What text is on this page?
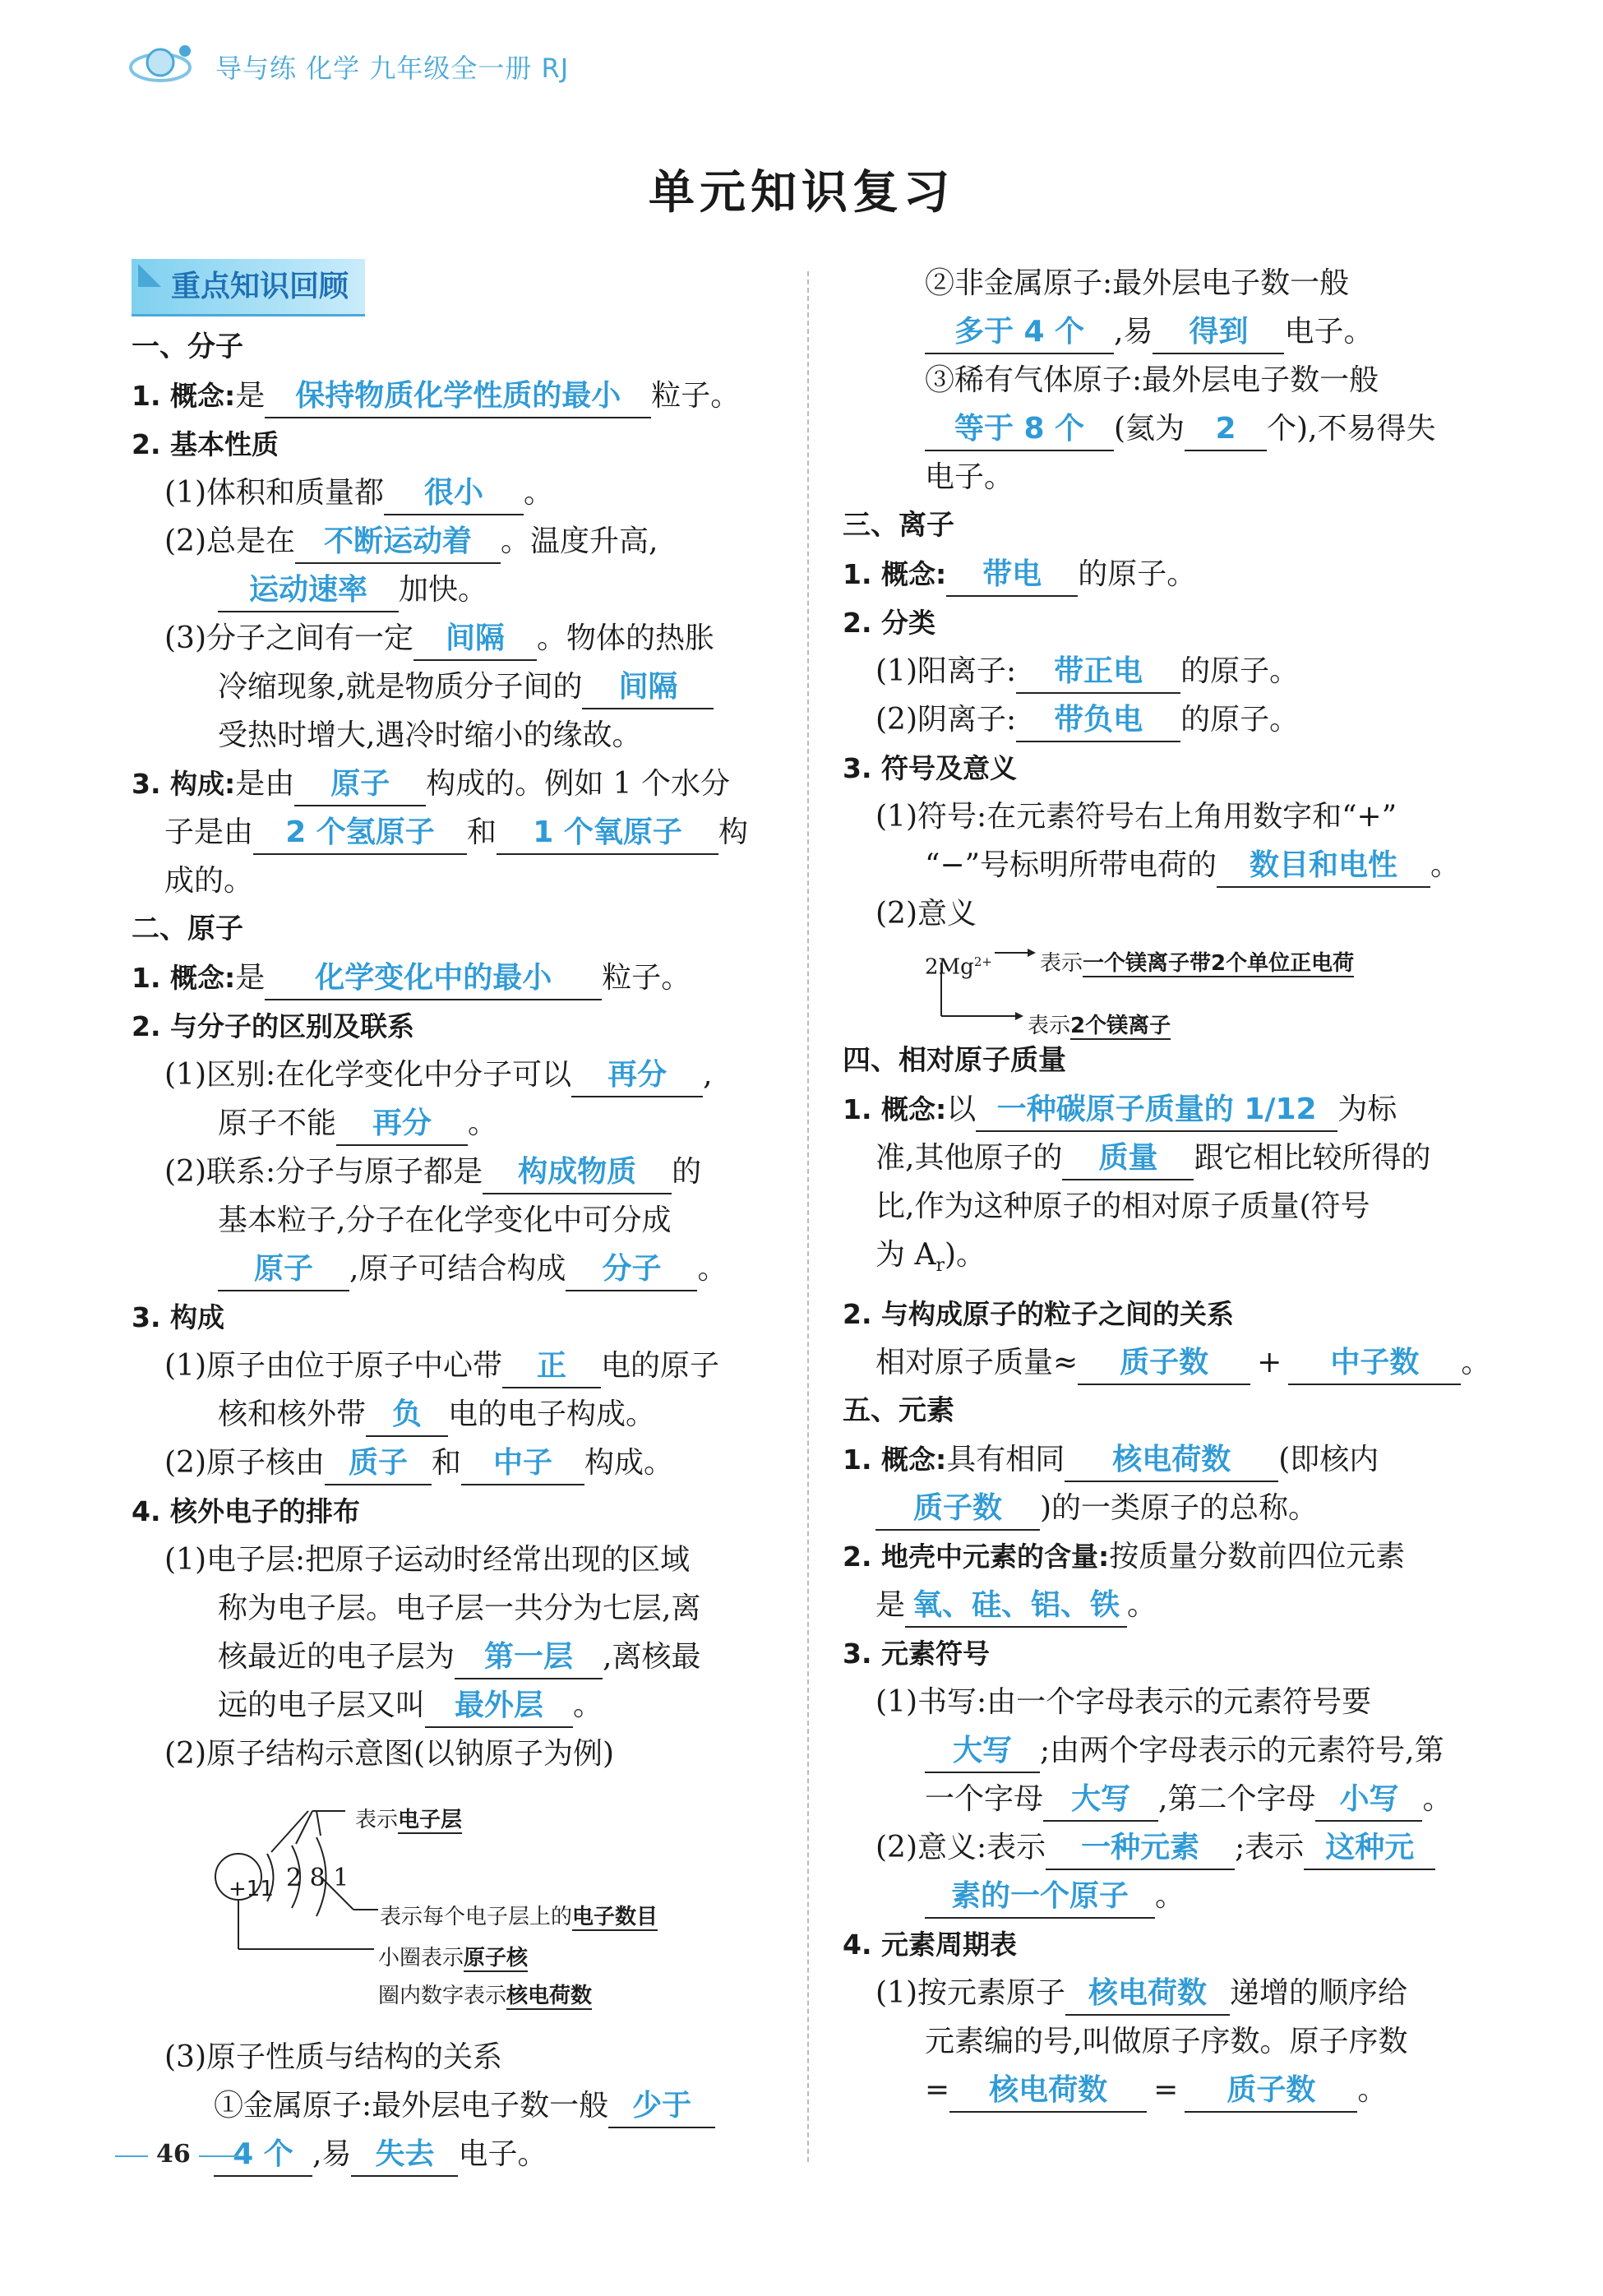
导与练 化学 九年级全一册 RJ
单元知识复习
重点知识回顾

一、分子

1. 概念:是 保持物质化学性质的最小 粒子。

2. 基本性质

(1)体积和质量都 很小 。

(2)总是在 不断运动着 。温度升高,

运动速率 加快。

(3)分子之间有一定 间隔 。物体的热胀

冷缩现象,就是物质分子间的 间隔

受热时增大,遇冷时缩小的缘故。

3. 构成:是由 原子 构成的。例如 1 个水分

子是由 2 个氢原子 和 1 个氧原子 构

成的。

二、原子

1. 概念:是 化学变化中的最小 粒子。

2. 与分子的区别及联系

(1)区别:在化学变化中分子可以 再分 ,

原子不能 再分 。

(2)联系:分子与原子都是 构成物质 的

基本粒子,分子在化学变化中可分成

原子 ,原子可结合构成 分子 。

3. 构成

(1)原子由位于原子中心带 正 电的原子

核和核外带 负 电的电子构成。

(2)原子核由 质子 和 中子 构成。

4. 核外电子的排布

(1)电子层:把原子运动时经常出现的区域

称为电子层。电子层一共分为七层,离

核最近的电子层为 第一层 ,离核最

远的电子层又叫 最外层 。

(2)原子结构示意图(以钠原子为例)

+11 2 8 1
表示电子层
表示每个电子层上的电子数目
小圈表示原子核
圈内数字表示核电荷数

(3)原子性质与结构的关系

①金属原子:最外层电子数一般 少于

4 个 ,易 失去 电子。

②非金属原子:最外层电子数一般

多于 4 个 ,易 得到 电子。

③稀有气体原子:最外层电子数一般

等于 8 个 (氦为 2 个),不易得失

电子。

三、离子

1. 概念: 带电 的原子。

2. 分类

(1)阳离子: 带正电 的原子。

(2)阴离子: 带负电 的原子。

3. 符号及意义

(1)符号:在元素符号右上角用数字和“+”

“−”号标明所带电荷的 数目和电性 。

(2)意义

$2Mg^{2+}$ 表示一个镁离子带2个单位正电荷
表示2个镁离子

四、相对原子质量

1. 概念:以 一种碳原子质量的 1/12 为标

准,其他原子的 质量 跟它相比较所得的

比,作为这种原子的相对原子质量(符号

为 $A_r$)。

2. 与构成原子的粒子之间的关系

相对原子质量≈ 质子数 + 中子数 。

五、元素

1. 概念:具有相同 核电荷数 (即核内

质子数 )的一类原子的总称。

2. 地壳中元素的含量:按质量分数前四位元素

是 氧、硅、铝、铁 。

3. 元素符号

(1)书写:由一个字母表示的元素符号要

大写 ;由两个字母表示的元素符号,第

一个字母 大写 ,第二个字母 小写 。

(2)意义:表示 一种元素 ;表示 这种元

素的一个原子 。

4. 元素周期表

(1)按元素原子 核电荷数 递增的顺序给

元素编的号,叫做原子序数。原子序数

= 核电荷数 = 质子数 。

46
